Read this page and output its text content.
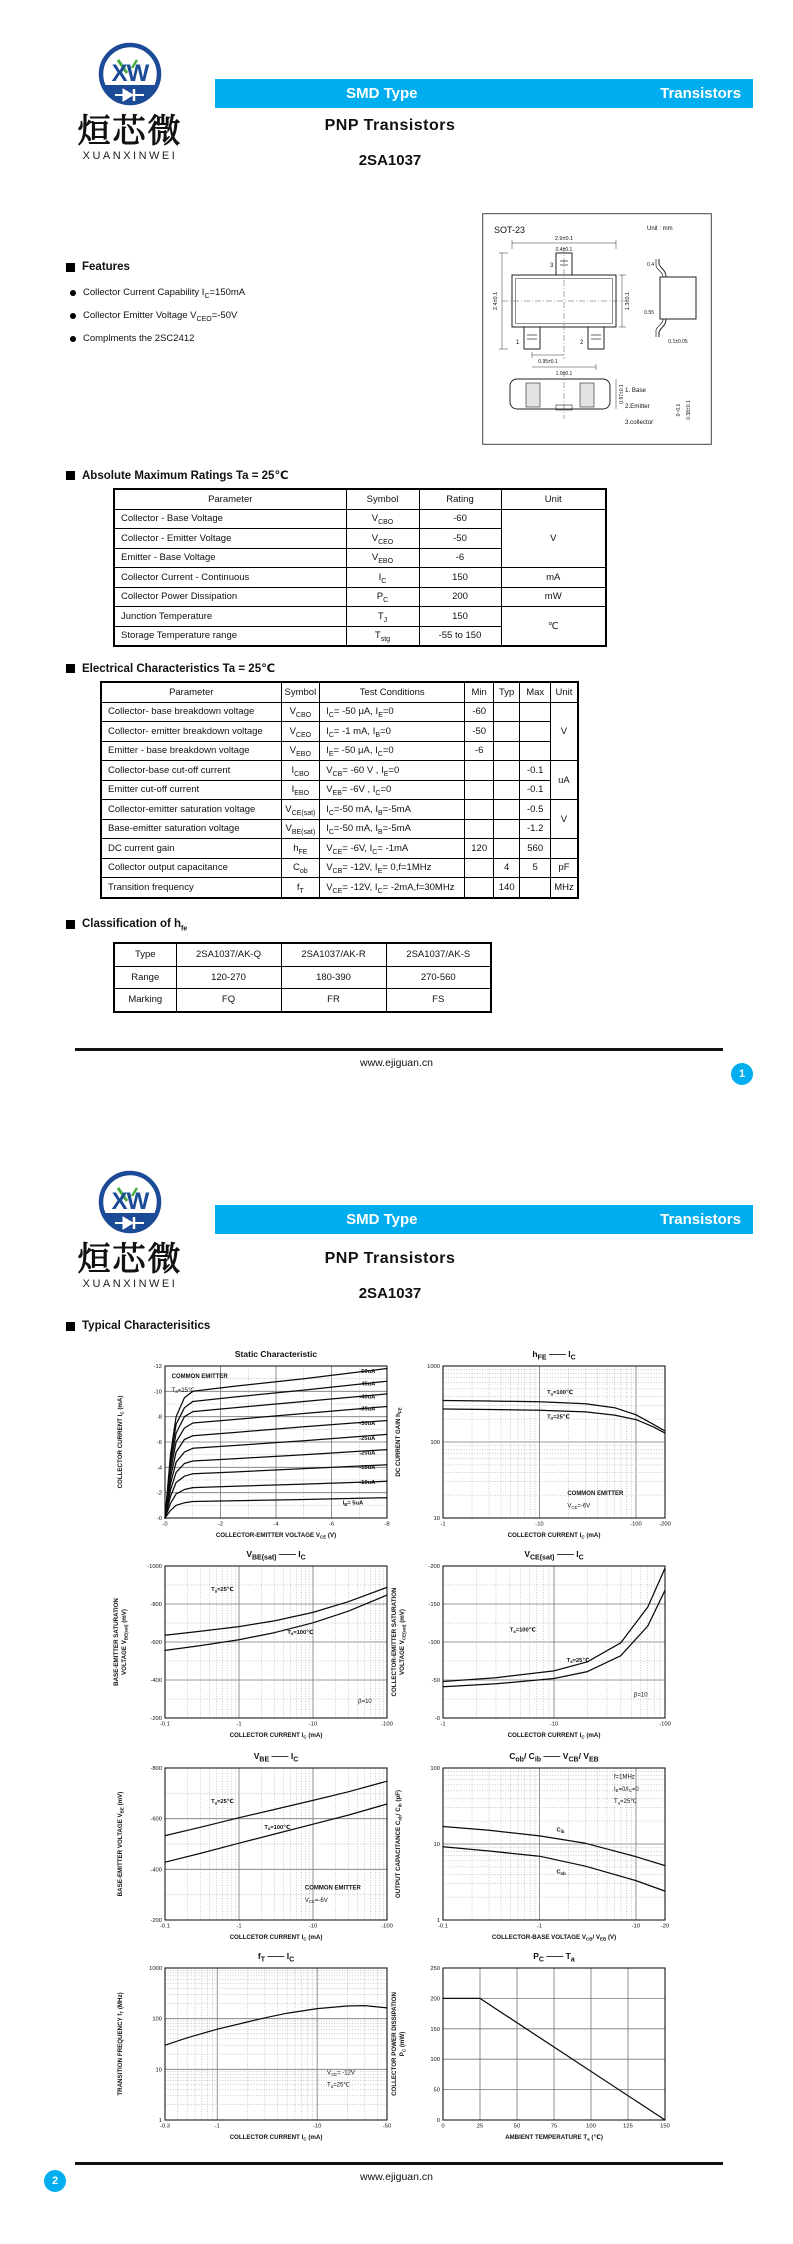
XW
烜芯微
XUANXINWEI
SMD Type	Transistors
PNP Transistors
2SA1037
Features
Collector Current Capability $I_C=150mA$
Collector Emitter Voltage $V_{CEO}=-50V$
Complments the 2SC2412
SOT-23	Unit : mm
2.9±0.1
0.4±0.1
2.4±0.1	1.3±0.1
0.95±0.1
1.9±0.1
3
1	2
0.4
0.55
0.1±0.05
0.97±0.1
0~0.1 0.38±0.1
1. Base
2.Emitter
3.collector
Absolute Maximum Ratings Ta = 25℃
Parameter	Symbol	Rating	Unit
Collector - Base Voltage	$V_{CBO}$	-60	V
Collector - Emitter Voltage	$V_{CEO}$	-50	
Emitter - Base Voltage	$V_{EBO}$	-6	
Collector Current - Continuous	$I_C$	150	mA
Collector Power Dissipation	$P_C$	200	mW
Junction Temperature	$T_J$	150	℃
Storage Temperature range	$T_{stg}$	-55 to 150	
Electrical Characteristics Ta = 25℃
Parameter	Symbol	Test Conditions	Min	Typ	Max	Unit
Collector- base breakdown voltage	$V_{CBO}$	$I_C= -50$ μA, $I_E=0$	-60			V
Collector- emitter breakdown voltage	$V_{CEO}$	$I_C= -1$ mA, $I_B=0$	-50			
Emitter - base breakdown voltage	$V_{EBO}$	$I_E= -50$ μA, $I_C=0$	-6			
Collector-base cut-off current	$I_{CBO}$	$V_{CB}= -60$ V , $I_E=0$			-0.1	uA
Emitter cut-off current	$I_{EBO}$	$V_{EB}= -6V$ , $I_C=0$			-0.1	
Collector-emitter saturation voltage	$V_{CE(sat)}$	$I_C=-50$ mA, $I_B=-5mA$			-0.5	V
Base-emitter saturation voltage	$V_{BE(sat)}$	$I_C=-50$ mA, $I_B=-5mA$			-1.2	
DC current gain	$h_{FE}$	$V_{CE}= -6V$, $I_C= -1mA$	120		560	
Collector output capacitance	$C_{ob}$	$V_{CB}= -12V$, $I_E= 0,f=1MHz$		4	5	pF
Transition frequency	$f_T$	$V_{CE}= -12V$, $I_C= -2mA,f=30MHz$		140		MHz
Classification of $h_{fe}$
Type	2SA1037/AK-Q	2SA1037/AK-R	2SA1037/AK-S
Range	120-270	180-390	270-560
Marking	FQ	FR	FS
www.ejiguan.cn
1
XW
烜芯微
XUANXINWEI
SMD Type	Transistors
PNP Transistors
2SA1037
Typical Characterisitics
Static Characteristic
-50uA
-45uA
-40uA
-35uA
-30uA
-25uA
-20uA
-15uA
-10uA
$I_B= 5uA$
-0	-2	-4	-6	-8
-0
-2
-4
-6
-8
-10
-12
COLLECTOR-EMITTER VOLTAGE $V_{CE}$ (V)
COLLECTOR CURRENT $I_C$ (mA)
COMMON EMITTER
$T_a=25℃$
$h_{FE}$ —— $I_C$
$T_a=100℃$
$T_a=25℃$
-1	-10	-100	-200
10
100
1000
COLLECTOR CURRENT $I_C$ (mA)
DC CURRENT GAIN $h_{FE}$
COMMON EMITTER
$V_{CE}=-6V$
$V_{BE(sat)}$ —— $I_C$
$T_a=25℃$
$T_a=100℃$
-0.1	-1	-10	-100
-200
-400
-600
-800
-1000
COLLECTOR CURRENT $I_C$ (mA)
BASE-EMITTER SATURATION VOLTAGE $V_{BE(sat)}$ (mV)
β=10
$V_{CE(sat)}$ —— $I_C$
$T_a=100℃$
$T_a=25℃$
-1	-10	-100
-0
-50
-100
-150
-200
COLLECTOR CURRENT $I_C$ (mA)
COLLECTOR-EMITTER SATURATION VOLTAGE $V_{CE(sat)}$ (mV)
β=10
$V_{BE}$ —— $I_C$
$T_a=25℃$
$T_a=100℃$
-0.1	-1	-10	-100
-200
-400
-600
-800
COLLCETOR CURRENT $I_C$ (mA)
BASE-EMITTER VOLTAGE $V_{BE}$ (mV)
COMMON EMITTER
$V_{CE}=-6V$
$C_{ob}/$ $C_{ib}$ —— $V_{CB}/$ $V_{EB}$
$C_{ib}$
$C_{ob}$
-0.1	-1	-10	-20
1
10
100
COLLECTOR-BASE VOLTAGE $V_{CB}/$ $V_{EB}$ (V)
OUTPUT CAPACITANCE $C_{ob}/$ $C_{ib}$ (pF)
f=1MHz
$I_E=0/I_C=0$
$T_a=25℃$
$f_T$ —— $I_C$
-0.3	-1	-10	-50
1
10
100
1000
COLLECTOR CURRENT $I_C$ (mA)
TRANSITION FREQUENCY $f_T$ (MHz)
$V_{CE}= -12V$
$T_a=25℃$
$P_C$ —— $T_a$
0	25	50	75	100	125	150
0
50
100
150
200
250
AMBIENT TEMPERATURE $T_a$ (℃)
COLLECTOR POWER DISSIPATION $P_C$ (mW)
www.ejiguan.cn
2
